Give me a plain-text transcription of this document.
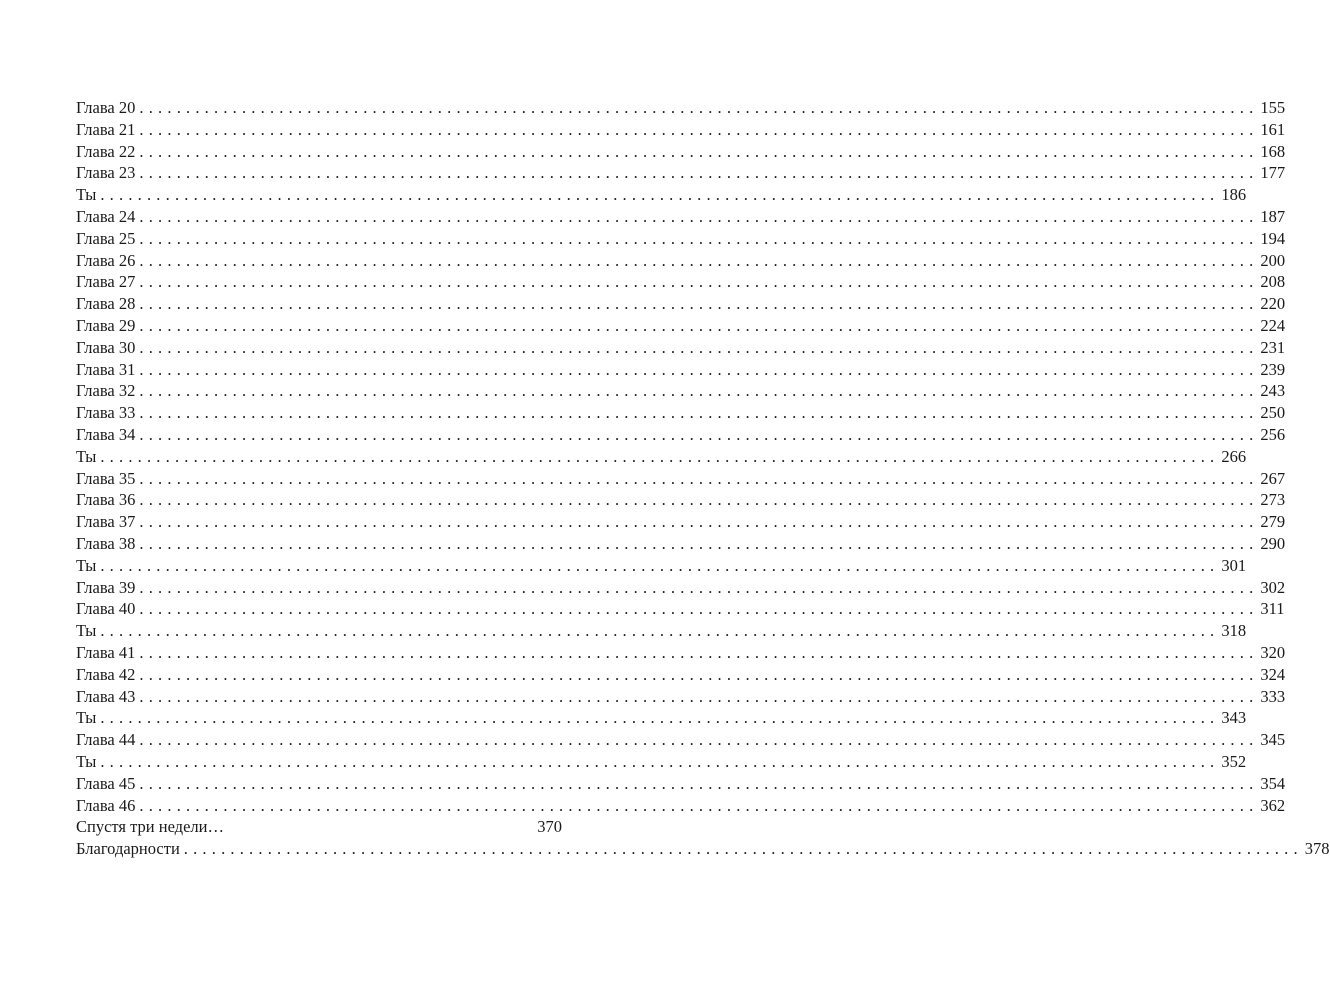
Глава 20 ........................................................................................................................ 155
Глава 21 ........................................................................................................................ 161
Глава 22 ........................................................................................................................ 168
Глава 23 ........................................................................................................................ 177
Ты ........................................................................................................................ 186
Глава 24 ........................................................................................................................ 187
Глава 25 ........................................................................................................................ 194
Глава 26 ........................................................................................................................ 200
Глава 27 ........................................................................................................................ 208
Глава 28 ........................................................................................................................ 220
Глава 29 ........................................................................................................................ 224
Глава 30 ........................................................................................................................ 231
Глава 31 ........................................................................................................................ 239
Глава 32 ........................................................................................................................ 243
Глава 33 ........................................................................................................................ 250
Глава 34 ........................................................................................................................ 256
Ты ........................................................................................................................ 266
Глава 35 ........................................................................................................................ 267
Глава 36 ........................................................................................................................ 273
Глава 37 ........................................................................................................................ 279
Глава 38 ........................................................................................................................ 290
Ты ........................................................................................................................ 301
Глава 39 ........................................................................................................................ 302
Глава 40 ........................................................................................................................ 311
Ты ........................................................................................................................ 318
Глава 41 ........................................................................................................................ 320
Глава 42 ........................................................................................................................ 324
Глава 43 ........................................................................................................................ 333
Ты ........................................................................................................................ 343
Глава 44 ........................................................................................................................ 345
Ты ........................................................................................................................ 352
Глава 45 ........................................................................................................................ 354
Глава 46 ........................................................................................................................ 362
Спустя три недели…	370
Благодарности ........................................................................................................................ 378
